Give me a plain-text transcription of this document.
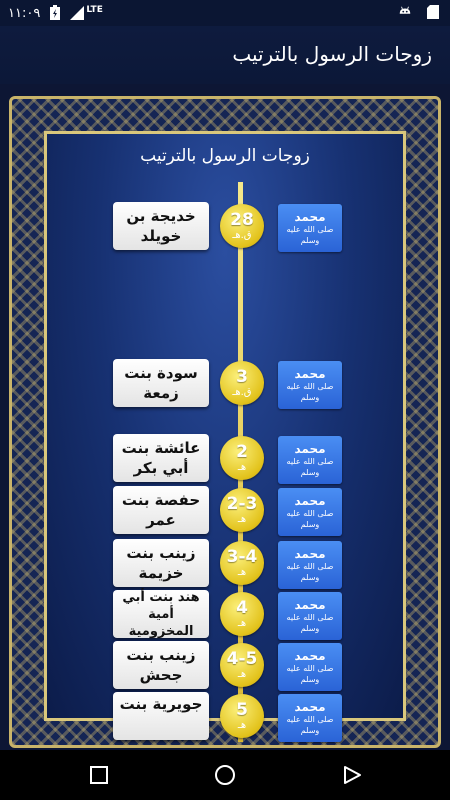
١١:٠٩	LTE
زوجات الرسول بالترتيب
زوجات الرسول بالترتيب
خديجة بن خويلد
28
ق.هـ
محمد
صلى الله عليه وسلم
سودة بنت زمعة
3
ق.هـ
محمد
صلى الله عليه وسلم
عائشة بنت أبي بكر
2
هـ
محمد
صلى الله عليه وسلم
حفصة بنت عمر
2-3
هـ
محمد
صلى الله عليه وسلم
زينب بنت خزيمة
3-4
هـ
محمد
صلى الله عليه وسلم
هند بنت أبي أمية المخزومية
4
هـ
محمد
صلى الله عليه وسلم
زينب بنت جحش
4-5
هـ
محمد
صلى الله عليه وسلم
جويرية بنت	5
هـ
محمد
صلى الله عليه وسلم
